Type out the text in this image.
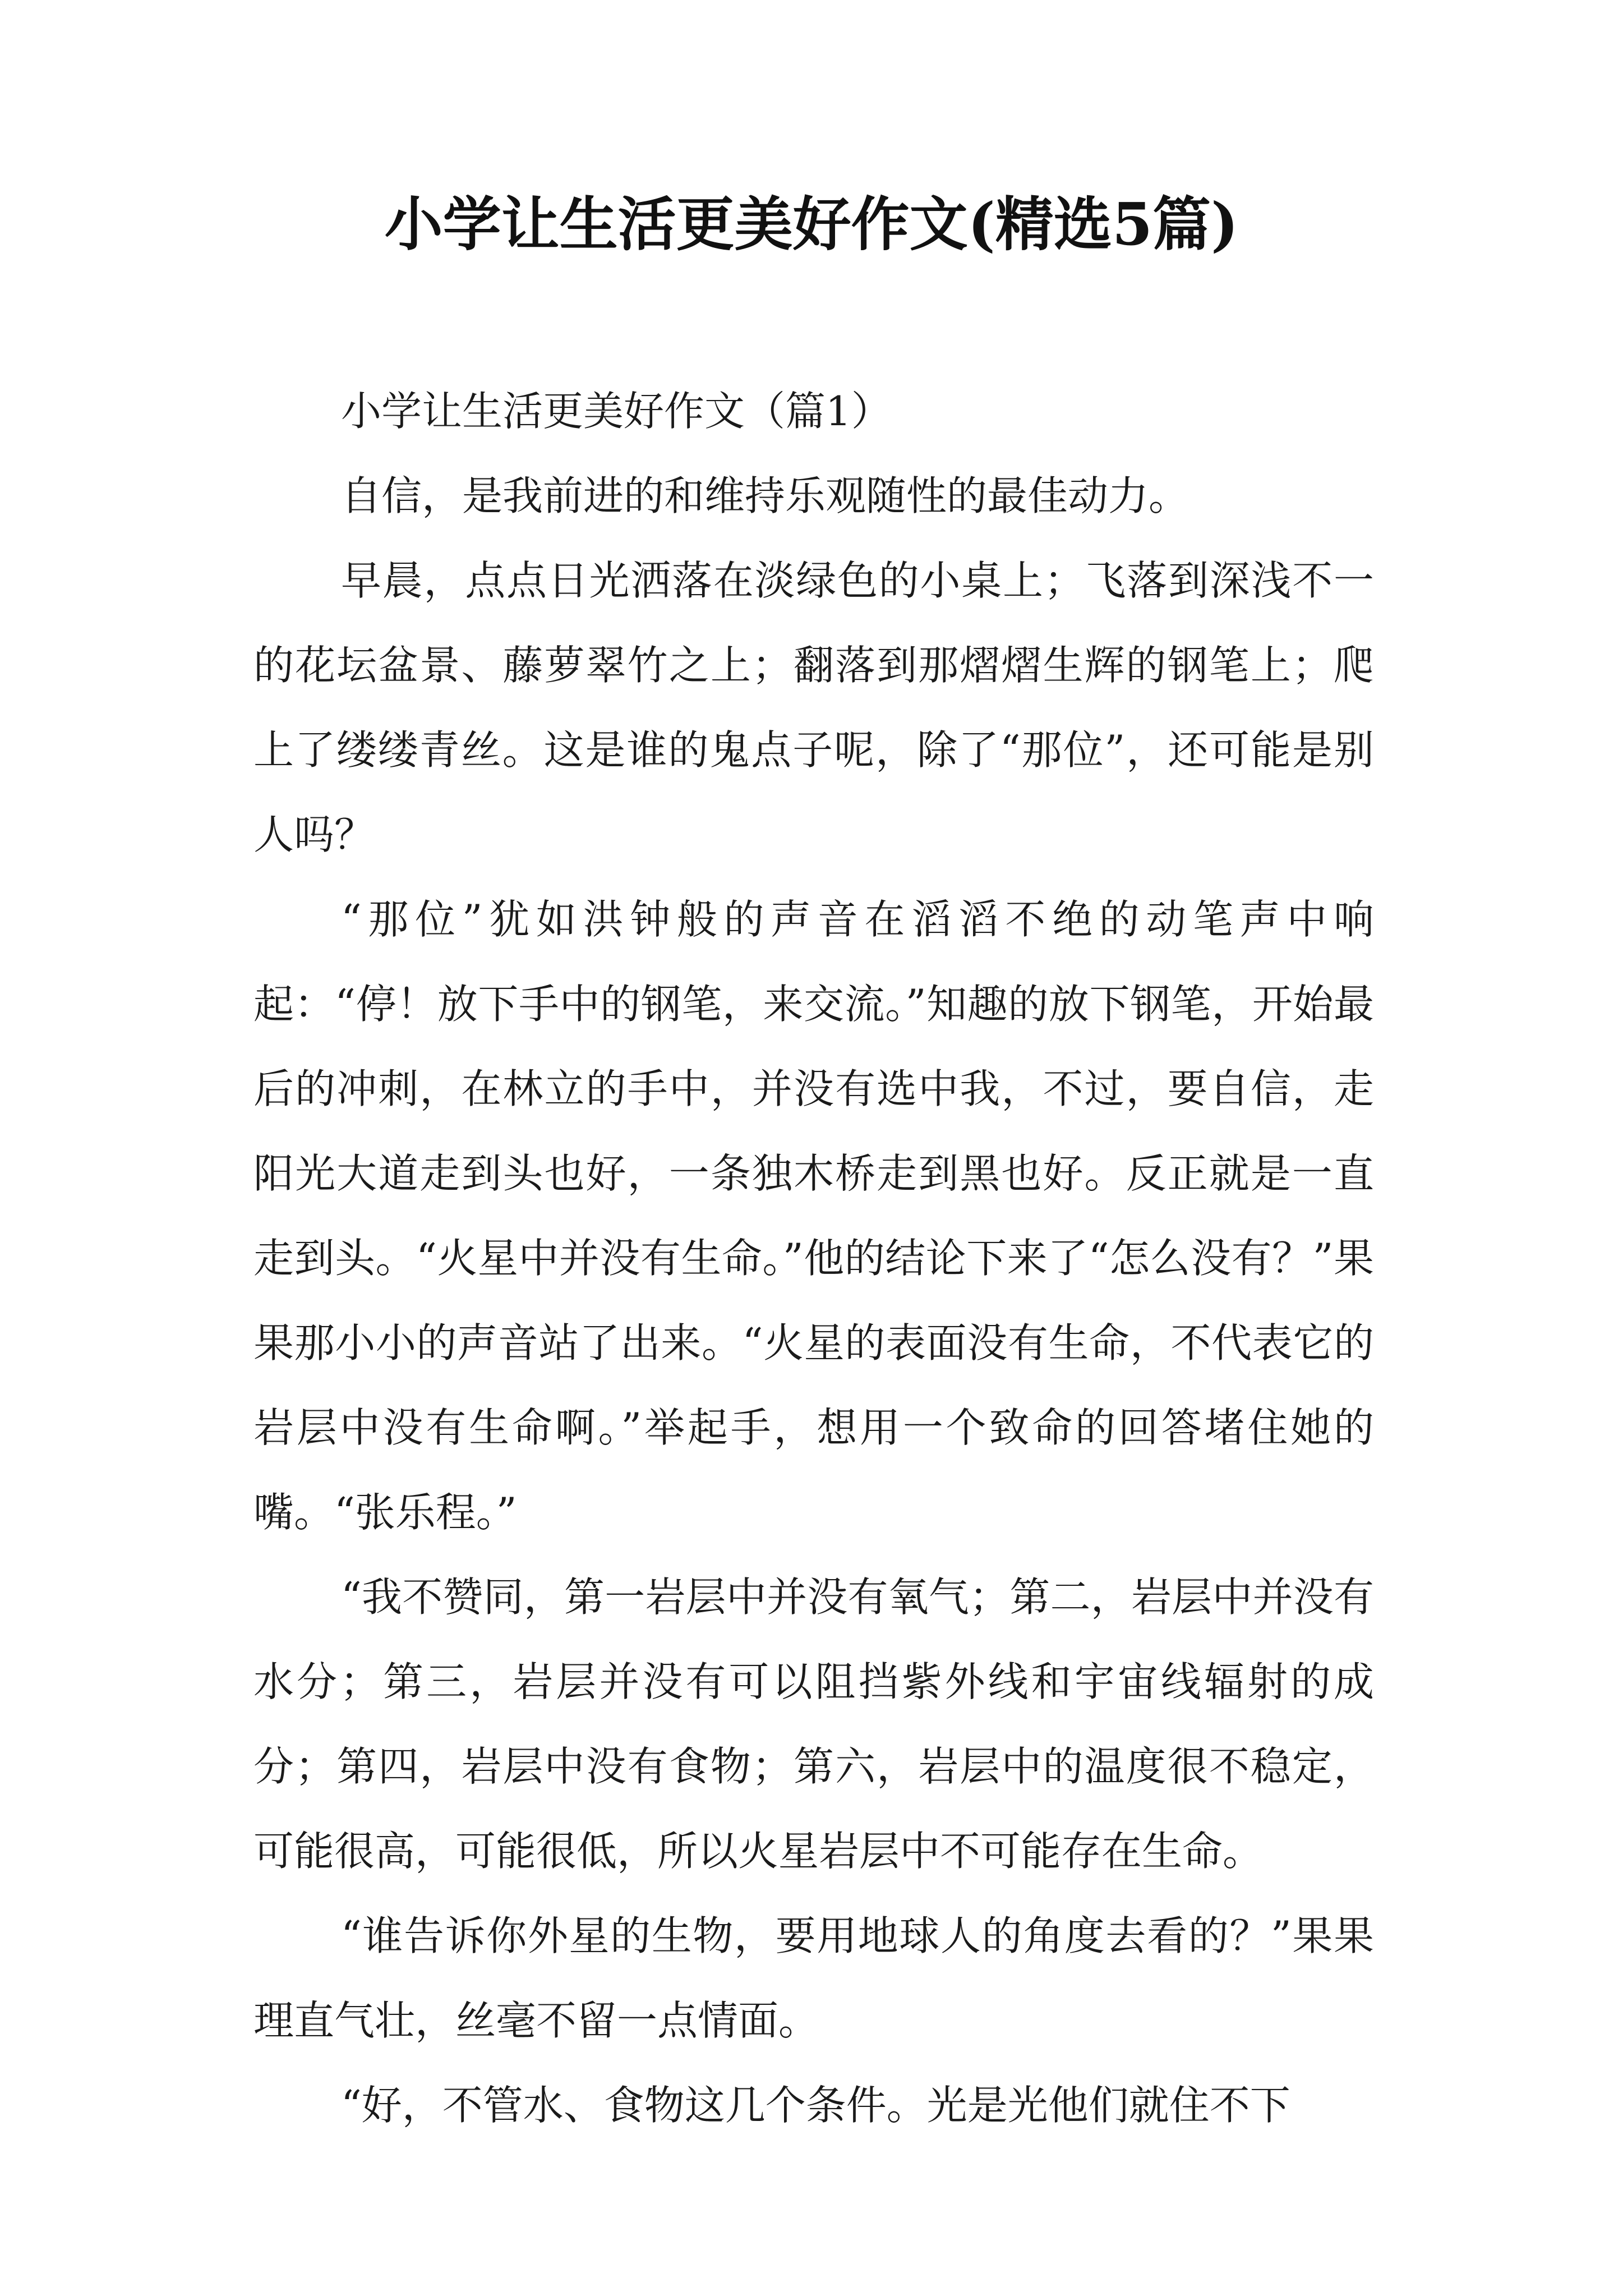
小学让生活更美好作文(精选5篇)

小学让生活更美好作文（篇1）

自信，是我前进的和维持乐观随性的最佳动力。

早晨，点点日光洒落在淡绿色的小桌上；飞落到深浅不一的花坛盆景、藤萝翠竹之上；翻落到那熠熠生辉的钢笔上；爬上了缕缕青丝。这是谁的鬼点子呢，除了“那位”，还可能是别人吗？

“那位”犹如洪钟般的声音在滔滔不绝的动笔声中响起：“停！放下手中的钢笔，来交流。”知趣的放下钢笔，开始最后的冲刺，在林立的手中，并没有选中我，不过，要自信，走阳光大道走到头也好，一条独木桥走到黑也好。反正就是一直走到头。“火星中并没有生命。”他的结论下来了“怎么没有？”果果那小小的声音站了出来。“火星的表面没有生命，不代表它的岩层中没有生命啊。”举起手，想用一个致命的回答堵住她的嘴。“张乐程。”

“我不赞同，第一岩层中并没有氧气；第二，岩层中并没有水分；第三，岩层并没有可以阻挡紫外线和宇宙线辐射的成分；第四，岩层中没有食物；第六，岩层中的温度很不稳定，可能很高，可能很低，所以火星岩层中不可能存在生命。

“谁告诉你外星的生物，要用地球人的角度去看的？”果果理直气壮，丝毫不留一点情面。

“好，不管水、食物这几个条件。光是光他们就住不下
